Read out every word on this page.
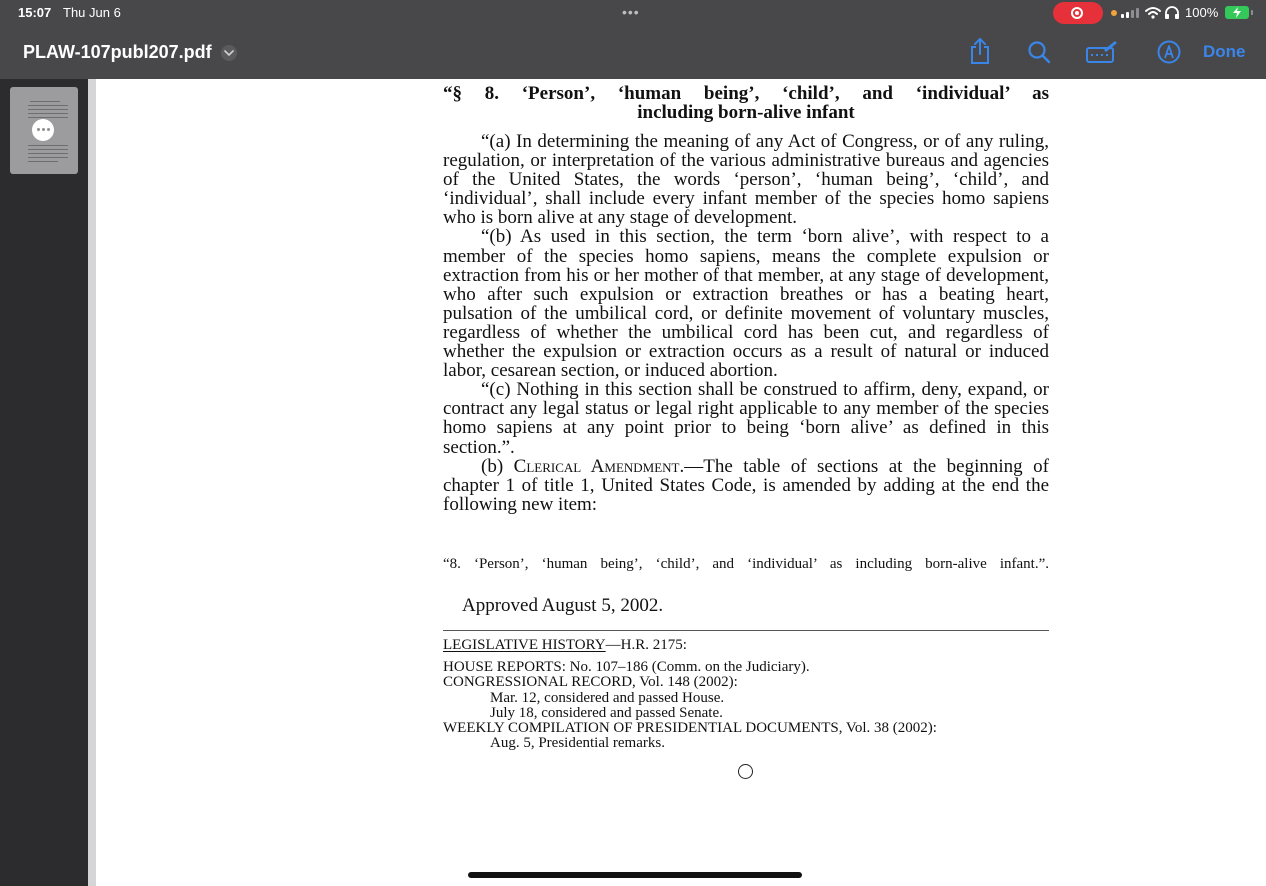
15:07 Thu Jun 6	•••	100%
PLAW-107publ207.pdf	Done

“§ 8. ‘Person’, ‘human being’, ‘child’, and ‘individual’ as

including born-alive infant

“(a) In determining the meaning of any Act of Congress, or of any ruling, regulation, or interpretation of the various administrative bureaus and agencies of the United States, the words ‘person’, ‘human being’, ‘child’, and ‘individual’, shall include every infant member of the species homo sapiens who is born alive at any stage of development.

“(b) As used in this section, the term ‘born alive’, with respect to a member of the species homo sapiens, means the complete expulsion or extraction from his or her mother of that member, at any stage of development, who after such expulsion or extraction breathes or has a beating heart, pulsation of the umbilical cord, or definite movement of voluntary muscles, regardless of whether the umbilical cord has been cut, and regardless of whether the expulsion or extraction occurs as a result of natural or induced labor, cesarean section, or induced abortion.

“(c) Nothing in this section shall be construed to affirm, deny, expand, or contract any legal status or legal right applicable to any member of the species homo sapiens at any point prior to being ‘born alive’ as defined in this section.”.

(b) Clerical Amendment.—The table of sections at the beginning of chapter 1 of title 1, United States Code, is amended by adding at the end the following new item:

“8. ‘Person’, ‘human being’, ‘child’, and ‘individual’ as including born-alive infant.”.
Approved August 5, 2002.
LEGISLATIVE HISTORY—H.R. 2175:
HOUSE REPORTS: No. 107–186 (Comm. on the Judiciary).
CONGRESSIONAL RECORD, Vol. 148 (2002):
Mar. 12, considered and passed House.
July 18, considered and passed Senate.
WEEKLY COMPILATION OF PRESIDENTIAL DOCUMENTS, Vol. 38 (2002):
Aug. 5, Presidential remarks.
